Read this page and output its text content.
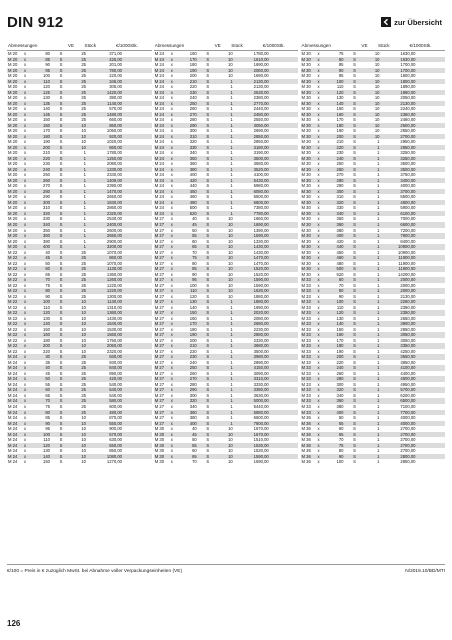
DIN 912	zur Übersicht
Abmessungen	VE	Stück	€/1000Stk.
M 20	x	80	S	25	371,00
M 20	x	85	S	25	425,00
M 20	x	90	S	25	201,00
M 20	x	95	S	25	780,00
M 20	x	100	S	25	220,00
M 20	x	110	S	25	346,00
M 20	x	120	S	25	305,00
M 20	x	125	S	25	1420,00
M 20	x	130	S	25	390,00
M 20	x	135	S	25	1140,00
M 20	x	140	S	25	570,00
M 20	x	145	S	25	1480,00
M 20	x	150	S	25	660,00
M 20	x	160	S	10	860,00
M 20	x	170	S	10	1050,00
M 20	x	180	S	10	920,00
M 20	x	190	S	10	1020,00
M 20	x	200	S	10	860,00
M 20	x	210	S	1	1780,00
M 20	x	220	S	1	1250,00
M 20	x	230	S	1	2080,00
M 20	x	240	S	1	1330,00
M 20	x	250	S	1	2340,00
M 20	x	260	S	1	1409,00
M 20	x	270	S	1	2390,00
M 20	x	280	S	1	1470,00
M 20	x	290	S	1	2650,00
M 20	x	300	S	1	1830,00
M 20	x	310	S	1	2860,00
M 20	x	320	S	1	2320,00
M 20	x	330	S	1	2530,00
M 20	x	340	S	1	2400,00
M 20	x	350	S	1	2600,00
M 20	x	360	S	1	2650,00
M 20	x	380	S	1	2900,00
M 20	x	400	S	1	3200,00
M 22	x	40	S	25	1070,00
M 22	x	45	S	25	860,00
M 22	x	50	S	25	1070,00
M 22	x	60	S	25	1130,00
M 22	x	65	S	25	1360,00
M 22	x	70	S	25	1260,00
M 22	x	75	S	25	1220,00
M 22	x	80	S	25	1220,00
M 22	x	90	S	25	1300,00
M 22	x	100	S	10	1130,00
M 22	x	110	S	10	1310,00
M 22	x	120	S	10	1360,00
M 22	x	130	S	10	1430,00
M 22	x	140	S	10	1640,00
M 22	x	150	S	10	1530,00
M 22	x	160	S	10	1560,00
M 22	x	180	S	10	1750,00
M 22	x	200	S	10	2050,00
M 22	x	220	S	10	2320,00
M 24	x	30	S	25	930,00
M 24	x	35	S	25	930,00
M 24	x	40	S	25	840,00
M 24	x	45	S	25	890,00
M 24	x	50	S	25	420,00
M 24	x	55	S	25	540,00
M 24	x	60	S	25	540,00
M 24	x	65	S	25	540,00
M 24	x	70	S	25	580,00
M 24	x	75	S	25	600,00
M 24	x	80	S	25	480,00
M 24	x	85	S	10	870,00
M 24	x	90	S	10	550,00
M 24	x	95	S	10	900,00
M 24	x	100	S	10	570,00
M 24	x	110	S	10	630,00
M 24	x	120	S	10	650,00
M 24	x	130	S	10	850,00
M 24	x	140	S	10	1080,00
M 24	x	150	S	10	1270,00
Abmessungen	VE	Stück	€/1000Stk.
M 24	x	160	S	10	1780,00
M 24	x	170	S	10	1610,00
M 24	x	180	S	10	1690,00
M 24	x	190	S	10	2060,00
M 24	x	200	S	10	1690,00
M 24	x	210	S	1	2130,00
M 24	x	220	S	1	2130,00
M 24	x	230	S	1	2530,00
M 24	x	240	S	1	2380,00
M 24	x	250	S	1	2770,00
M 24	x	260	S	1	2440,00
M 24	x	270	S	1	2480,00
M 24	x	280	S	1	2550,00
M 24	x	290	S	1	3050,00
M 24	x	300	S	1	2690,00
M 24	x	310	S	1	2850,00
M 24	x	320	S	1	2850,00
M 24	x	330	S	1	3180,00
M 24	x	340	S	1	3190,00
M 24	x	350	S	1	3500,00
M 24	x	360	S	1	3580,00
M 24	x	380	S	1	3520,00
M 24	x	400	S	1	4100,00
M 24	x	420	S	1	5430,00
M 24	x	440	S	1	5980,00
M 24	x	450	S	1	6080,00
M 24	x	460	S	1	6500,00
M 24	x	480	S	1	6800,00
M 24	x	500	S	1	7380,00
M 24	x	520	S	1	7780,00
M 27	x	40	S	10	1660,00
M 27	x	45	S	10	1690,00
M 27	x	50	S	10	1390,00
M 27	x	55	S	10	1590,00
M 27	x	60	S	10	1330,00
M 27	x	65	S	10	1430,00
M 27	x	70	S	10	1430,00
M 27	x	75	S	10	1470,00
M 27	x	80	S	10	1470,00
M 27	x	85	S	10	1520,00
M 27	x	90	S	10	1520,00
M 27	x	95	S	10	1590,00
M 27	x	100	S	10	1590,00
M 27	x	110	S	10	1630,00
M 27	x	120	S	10	1880,00
M 27	x	130	S	1	1880,00
M 27	x	140	S	1	1990,00
M 27	x	150	S	1	2020,00
M 27	x	160	S	1	2080,00
M 27	x	170	S	1	2680,00
M 27	x	180	S	1	2230,00
M 27	x	190	S	1	2880,00
M 27	x	200	S	1	2330,00
M 27	x	210	S	1	3680,00
M 27	x	220	S	1	3500,00
M 27	x	230	S	1	3980,00
M 27	x	240	S	1	2890,00
M 27	x	250	S	1	4150,00
M 27	x	260	S	1	3090,00
M 27	x	270	S	1	3310,00
M 27	x	280	S	1	3330,00
M 27	x	290	S	1	3380,00
M 27	x	300	S	1	3630,00
M 27	x	320	S	1	5000,00
M 27	x	340	S	1	5440,00
M 27	x	360	S	1	5880,00
M 27	x	380	S	1	6600,00
M 27	x	400	S	1	7800,00
M 30	x	40	S	10	1670,00
M 30	x	45	S	10	1670,00
M 30	x	50	S	10	1510,00
M 30	x	55	S	10	1530,00
M 30	x	60	S	10	1530,00
M 30	x	65	S	10	1590,00
M 30	x	70	S	10	1590,00
Abmessungen	VE	Stück	€/1000Stk.
M 30	x	75	S	10	1630,00
M 30	x	80	S	10	1630,00
M 30	x	85	S	10	1700,00
M 30	x	90	S	10	1700,00
M 30	x	95	S	10	1800,00
M 30	x	100	S	10	1800,00
M 30	x	110	S	10	1890,00
M 30	x	120	S	10	1980,00
M 30	x	130	S	10	2050,00
M 30	x	140	S	10	2130,00
M 30	x	150	S	10	2240,00
M 30	x	160	S	10	2360,00
M 30	x	170	S	10	2460,00
M 30	x	180	S	10	2600,00
M 30	x	190	S	10	2650,00
M 30	x	200	S	10	2700,00
M 30	x	210	S	1	2950,00
M 30	x	220	S	1	2950,00
M 30	x	230	S	1	3250,00
M 30	x	240	S	1	3250,00
M 30	x	250	S	1	3500,00
M 30	x	260	S	1	3500,00
M 30	x	270	S	1	3750,00
M 30	x	280	S	1	3400,00
M 30	x	290	S	1	4000,00
M 30	x	300	S	1	3700,00
M 30	x	310	S	1	5500,00
M 30	x	320	S	1	4800,00
M 30	x	330	S	1	5900,00
M 30	x	340	S	1	6100,00
M 30	x	350	S	1	7000,00
M 30	x	360	S	1	6600,00
M 30	x	380	S	1	7200,00
M 30	x	400	S	1	7900,00
M 30	x	420	S	1	8400,00
M 30	x	440	S	1	10900,00
M 30	x	450	S	1	10900,00
M 30	x	460	S	1	11900,00
M 30	x	480	S	1	11900,00
M 30	x	500	S	1	11900,00
M 30	x	520	S	1	14200,00
M 33	x	60	S	1	2000,00
M 33	x	70	S	1	2000,00
M 33	x	80	S	1	2000,00
M 33	x	90	S	1	2130,00
M 33	x	100	S	1	2260,00
M 33	x	110	S	1	2390,00
M 33	x	120	S	1	2350,00
M 33	x	130	S	1	2650,00
M 33	x	140	S	1	3900,00
M 33	x	150	S	1	2950,00
M 33	x	160	S	1	3050,00
M 33	x	170	S	1	3050,00
M 33	x	180	S	1	3350,00
M 33	x	190	S	1	4250,00
M 33	x	200	S	1	3550,00
M 33	x	220	S	1	3850,00
M 33	x	240	S	1	4100,00
M 33	x	260	S	1	4400,00
M 33	x	280	S	1	4600,00
M 33	x	300	S	1	4950,00
M 33	x	320	S	1	5700,00
M 33	x	340	S	1	6200,00
M 33	x	360	S	1	6500,00
M 33	x	380	S	1	7100,00
M 33	x	400	S	1	7700,00
M 36	x	50	S	1	4000,00
M 36	x	55	S	1	4000,00
M 36	x	60	S	1	2700,00
M 36	x	65	S	1	2700,00
M 36	x	70	S	1	2700,00
M 36	x	75	S	1	2700,00
M 36	x	80	S	1	2700,00
M 36	x	90	S	1	2800,00
M 36	x	100	S	1	2850,00
€/100 = Preis in € zuzüglich MwSt. bei Abnahme voller Verpackungseinheiten (VE)	N/2019.10/BD/MTI
126
